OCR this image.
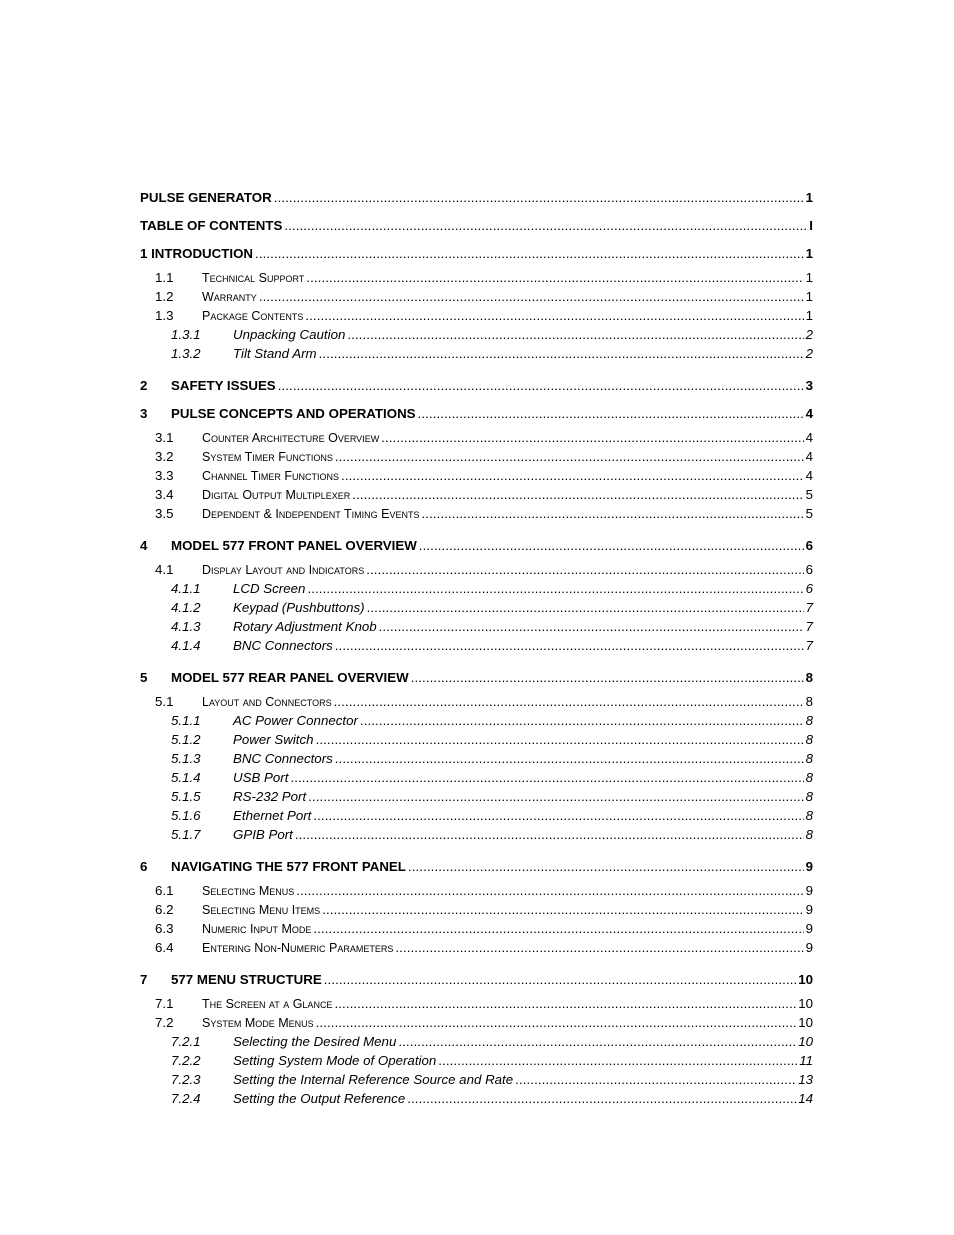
PULSE GENERATOR . . .	1
TABLE OF CONTENTS . . .	I
1 INTRODUCTION . . .	1
1.1	Technical Support . . .	1
1.2	Warranty . . .	1
1.3	Package Contents . . .	1
1.3.1	Unpacking Caution . . .	2
1.3.2	Tilt Stand Arm . . .	2
2	SAFETY ISSUES . . .	3
3	PULSE CONCEPTS AND OPERATIONS . . .	4
3.1	Counter Architecture Overview . . .	4
3.2	System Timer Functions . . .	4
3.3	Channel Timer Functions . . .	4
3.4	Digital Output Multiplexer . . .	5
3.5	Dependent & Independent Timing Events . . .	5
4	MODEL 577 FRONT PANEL OVERVIEW . . .	6
4.1	Display Layout and Indicators . . .	6
4.1.1	LCD Screen . . .	6
4.1.2	Keypad (Pushbuttons) . . .	7
4.1.3	Rotary Adjustment Knob . . .	7
4.1.4	BNC Connectors . . .	7
5	MODEL 577 REAR PANEL OVERVIEW . . .	8
5.1	Layout and Connectors . . .	8
5.1.1	AC Power Connector . . .	8
5.1.2	Power Switch . . .	8
5.1.3	BNC Connectors . . .	8
5.1.4	USB Port . . .	8
5.1.5	RS-232 Port . . .	8
5.1.6	Ethernet Port . . .	8
5.1.7	GPIB Port . . .	8
6	NAVIGATING THE 577 FRONT PANEL . . .	9
6.1	Selecting Menus . . .	9
6.2	Selecting Menu Items . . .	9
6.3	Numeric Input Mode . . .	9
6.4	Entering Non-Numeric Parameters . . .	9
7	577 MENU STRUCTURE . . .	10
7.1	The Screen at a Glance . . .	10
7.2	System Mode Menus . . .	10
7.2.1	Selecting the Desired Menu . . .	10
7.2.2	Setting System Mode of Operation . . .	11
7.2.3	Setting the Internal Reference Source and Rate . . .	13
7.2.4	Setting the Output Reference . . .	14
